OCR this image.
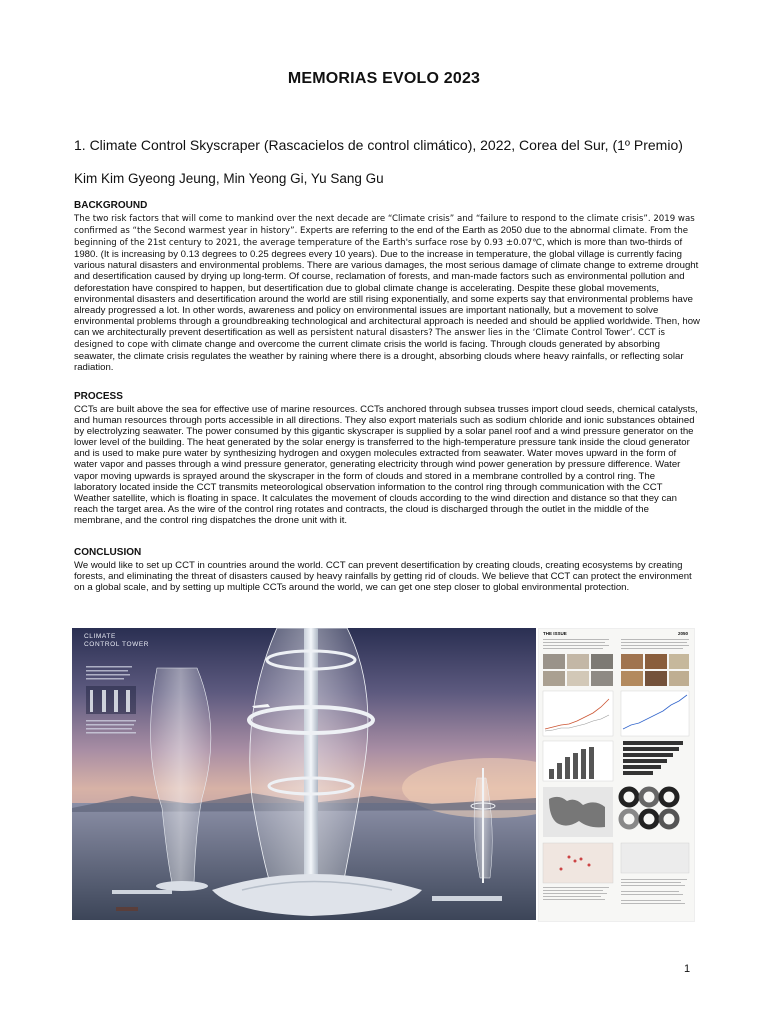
MEMORIAS EVOLO 2023
1. Climate Control Skyscraper (Rascacielos de control climático), 2022, Corea del Sur, (1º Premio)
Kim Kim Gyeong Jeung, Min Yeong Gi, Yu Sang Gu
BACKGROUND

The two risk factors that will come to mankind over the next decade are “Climate crisis” and “failure to respond to the climate crisis”. 2019 was confirmed as “the Second warmest year in history”. Experts are referring to the end of the Earth as 2050 due to the abnormal climate. From the beginning of the 21st century to 2021, the average temperature of the Earth's surface rose by 0.93 ±0.07℃, which is more than two-thirds of 1980. (It is increasing by 0.13 degrees to 0.25 degrees every 10 years). Due to the increase in temperature, the global village is currently facing various natural disasters and environmental problems. There are various damages, the most serious damage of climate change to extreme drought and desertification caused by drying up long-term. Of course, reclamation of forests, and man-made factors such as environmental pollution and deforestation have conspired to happen, but desertification due to global climate change is accelerating. Despite these global movements, environmental disasters and desertification around the world are still rising exponentially, and some experts say that environmental problems have already progressed a lot. In other words, awareness and policy on environmental issues are important nationally, but a movement to solve environmental problems through a groundbreaking technological and architectural approach is needed and should be applied worldwide. Then, how can we architecturally prevent desertification as well as persistent natural disasters? The answer lies in the ‘Climate Control Tower’. CCT is designed to cope with climate change and overcome the current climate crisis the world is facing. Through clouds generated by absorbing seawater, the climate crisis regulates the weather by raining where there is a drought, absorbing clouds where heavy rainfalls, or reflecting solar radiation.

PROCESS

CCTs are built above the sea for effective use of marine resources. CCTs anchored through subsea trusses import cloud seeds, chemical catalysts, and human resources through ports accessible in all directions. They also export materials such as sodium chloride and ionic substances obtained by electrolyzing seawater. The power consumed by this gigantic skyscraper is supplied by a solar panel roof and a wind pressure generator on the lower level of the building. The heat generated by the solar energy is transferred to the high-temperature pressure tank inside the cloud generator and is used to make pure water by synthesizing hydrogen and oxygen molecules extracted from seawater. Water moves upward in the form of water vapor and passes through a wind pressure generator, generating electricity through wind power generation by pressure difference. Water vapor moving upwards is sprayed around the skyscraper in the form of clouds and stored in a membrane controlled by a control ring. The laboratory located inside the CCT transmits meteorological observation information to the control ring through communication with the CCT Weather satellite, which is floating in space. It calculates the movement of clouds according to the wind direction and distance so that they can reach the target area. As the wire of the control ring rotates and contracts, the cloud is discharged through the outlet in the middle of the membrane, and the control ring dispatches the drone unit with it.

CONCLUSION

We would like to set up CCT in countries around the world. CCT can prevent desertification by creating clouds, creating ecosystems by creating forests, and eliminating the threat of disasters caused by heavy rainfalls by getting rid of clouds. We believe that CCT can protect the environment on a global scale, and by setting up multiple CCTs around the world, we can get one step closer to global environmental protection.

CLIMATE
CONTROL TOWER
THE ISSUE	2050
1
